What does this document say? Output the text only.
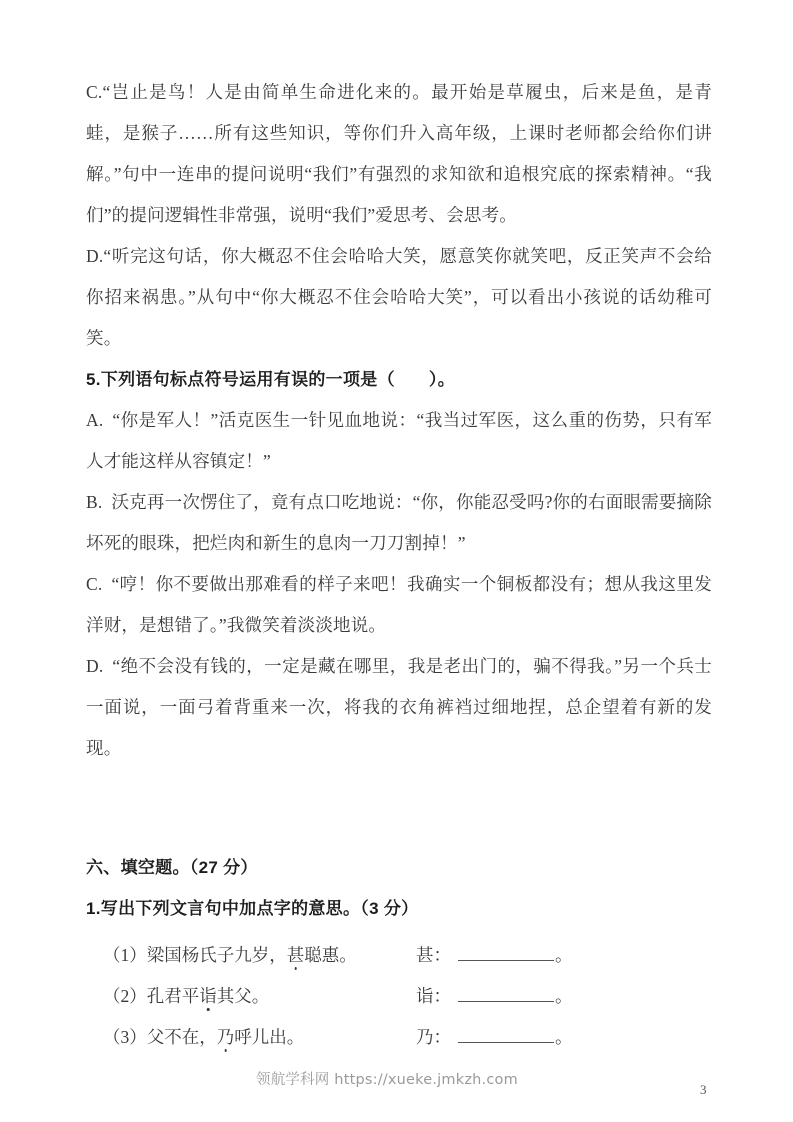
C.“岂止是鸟！人是由简单生命进化来的。最开始是草履虫，后来是鱼，是青蛙，是猴子……所有这些知识，等你们升入高年级，上课时老师都会给你们讲解。”句中一连串的提问说明“我们”有强烈的求知欲和追根究底的探索精神。“我们”的提问逻辑性非常强，说明“我们”爱思考、会思考。

D.“听完这句话，你大概忍不住会哈哈大笑，愿意笑你就笑吧，反正笑声不会给你招来祸患。”从句中“你大概忍不住会哈哈大笑”，可以看出小孩说的话幼稚可笑。

5.下列语句标点符号运用有误的一项是（ ）。

A. “你是军人！”活克医生一针见血地说：“我当过军医，这么重的伤势，只有军人才能这样从容镇定！”

B. 沃克再一次愣住了，竟有点口吃地说：“你，你能忍受吗?你的右面眼需要摘除坏死的眼珠，把烂肉和新生的息肉一刀刀割掉！”

C. “哼！你不要做出那难看的样子来吧！我确实一个铜板都没有；想从我这里发洋财，是想错了。”我微笑着淡淡地说。

D. “绝不会没有钱的，一定是藏在哪里，我是老出门的，骗不得我。”另一个兵士一面说，一面弓着背重来一次，将我的衣角裤裆过细地捏，总企望着有新的发现。

六、填空题。（27 分）

1.写出下列文言句中加点字的意思。（3 分）

（1）梁国杨氏子九岁，甚聪惠。	甚 ：	。
（2）孔君平诣其父。	诣 ：	。
（3）父不在，乃呼儿出。	乃 ：	。
领航学科网 https://xueke.jmkzh.com
3
